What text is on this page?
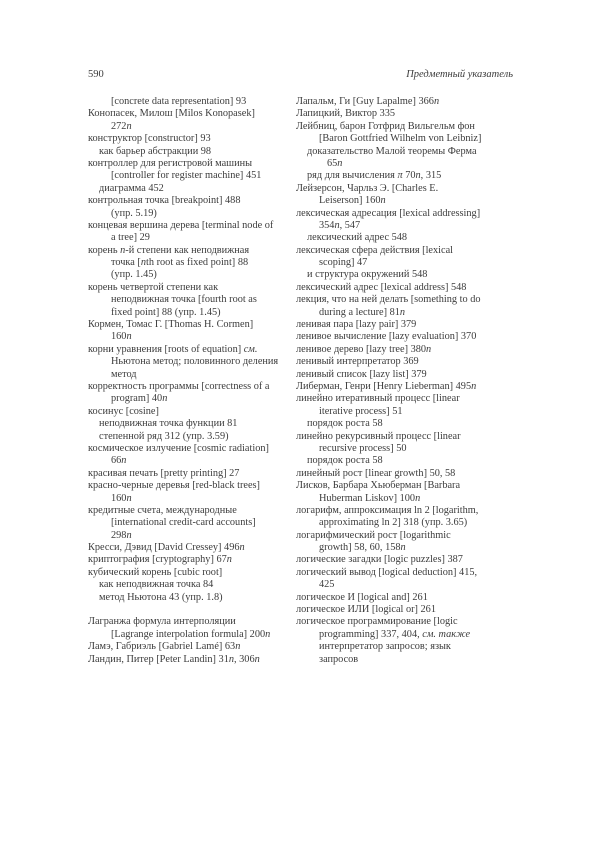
590	Предметный указатель
[concrete data representation] 93
Конопасек, Милош [Milos Konopasek]
272п
конструктор [constructor] 93
как барьер абстракции 98
контроллер для регистровой машины
[controller for register machine] 451
диаграмма 452
контрольная точка [breakpoint] 488
(упр. 5.19)
концевая вершина дерева [terminal node of
a tree] 29
корень n-й степени как неподвижная
точка [nth root as fixed point] 88
(упр. 1.45)
корень четвертой степени как
неподвижная точка [fourth root as
fixed point] 88 (упр. 1.45)
Кормен, Томас Г. [Thomas H. Cormen]
160п
корни уравнения [roots of equation] см.
Ньютона метод; половинного деления
метод
корректность программы [correctness of a
program] 40п
косинус [cosine]
неподвижная точка функции 81
степенной ряд 312 (упр. 3.59)
космическое излучение [cosmic radiation]
66п
красивая печать [pretty printing] 27
красно-черные деревья [red-black trees]
160п
кредитные счета, международные
[international credit-card accounts]
298п
Кресси, Дэвид [David Cressey] 496п
криптография [cryptography] 67п
кубический корень [cubic root]
как неподвижная точка 84
метод Ньютона 43 (упр. 1.8)

Лагранжа формула интерполяции
[Lagrange interpolation formula] 200п
Ламэ, Габриэль [Gabriel Lamé] 63п
Ландин, Питер [Peter Landin] 31п, 306п
Лапальм, Ги [Guy Lapalme] 366п
Лапицкий, Виктор 335
Лейбниц, барон Готфрид Вильгельм фон
[Baron Gottfried Wilhelm von Leibniz]
доказательство Малой теоремы Ферма
65п
ряд для вычисления π 70п, 315
Лейзерсон, Чарльз Э. [Charles E.
Leiserson] 160п
лексическая адресация [lexical addressing]
354п, 547
лексический адрес 548
лексическая сфера действия [lexical
scoping] 47
и структура окружений 548
лексический адрес [lexical address] 548
лекция, что на ней делать [something to do
during a lecture] 81п
ленивая пара [lazy pair] 379
ленивое вычисление [lazy evaluation] 370
ленивое дерево [lazy tree] 380п
ленивый интерпретатор 369
ленивый список [lazy list] 379
Либерман, Генри [Henry Lieberman] 495п
линейно итеративный процесс [linear
iterative process] 51
порядок роста 58
линейно рекурсивный процесс [linear
recursive process] 50
порядок роста 58
линейный рост [linear growth] 50, 58
Лисков, Барбара Хьюберман [Barbara
Huberman Liskov] 100п
логарифм, аппроксимация ln 2 [logarithm,
approximating ln 2] 318 (упр. 3.65)
логарифмический рост [logarithmic
growth] 58, 60, 158п
логические загадки [logic puzzles] 387
логический вывод [logical deduction] 415,
425
логическое И [logical and] 261
логическое ИЛИ [logical or] 261
логическое программирование [logic
programming] 337, 404, см. также
интерпретатор запросов; язык
запросов
